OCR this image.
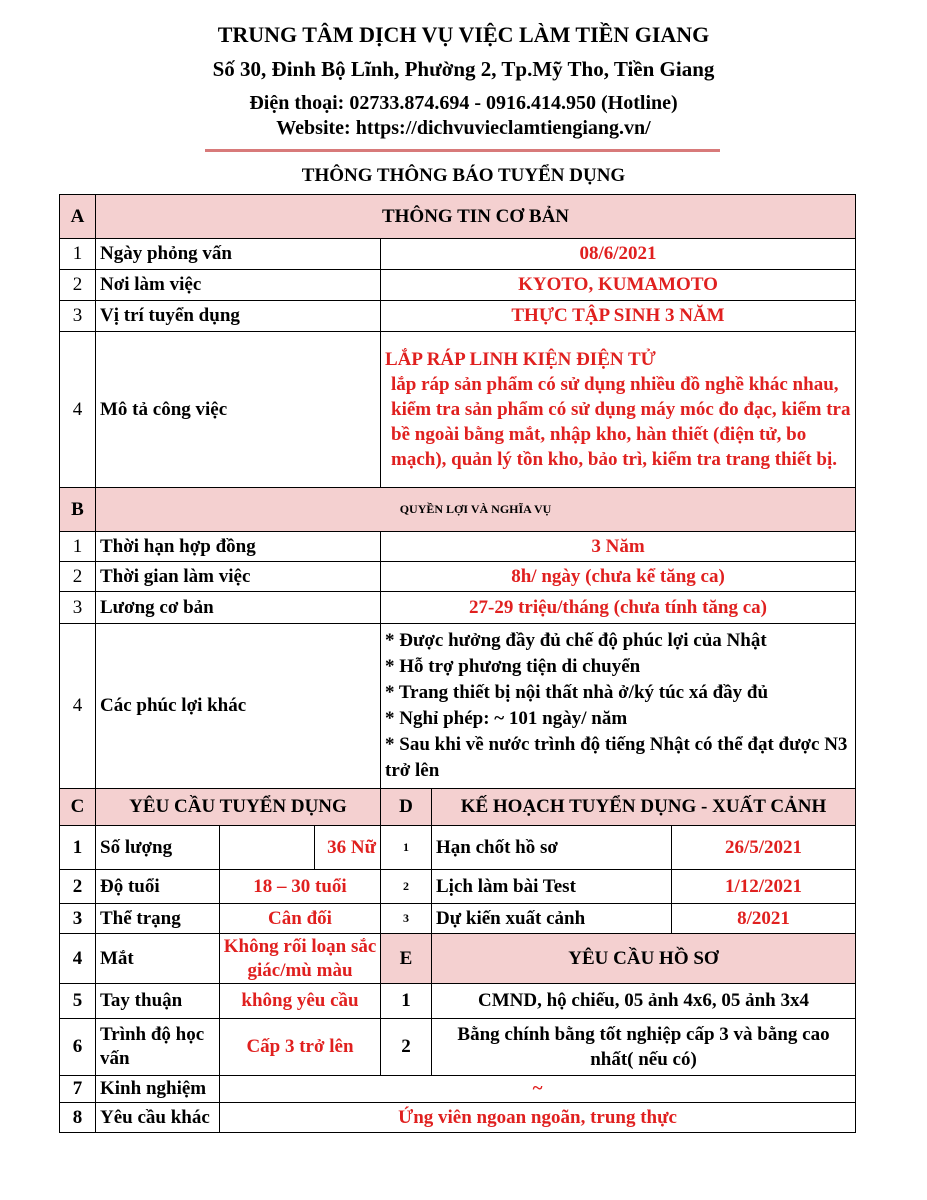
TRUNG TÂM DỊCH VỤ VIỆC LÀM TIỀN GIANG
Số 30, Đinh Bộ Lĩnh, Phường 2, Tp.Mỹ Tho, Tiền Giang
Điện thoại: 02733.874.694 - 0916.414.950 (Hotline)
Website: https://dichvuvieclamtiengiang.vn/
THÔNG THÔNG BÁO TUYỂN DỤNG
A	THÔNG TIN CƠ BẢN					
1	Ngày phỏng vấn			08/6/2021		
2	Nơi làm việc			KYOTO, KUMAMOTO		
3	Vị trí tuyển dụng			THỰC TẬP SINH 3 NĂM		
4	Mô tả công việc			LẮP RÁP LINH KIỆN ĐIỆN TỬ
lắp ráp sản phẩm có sử dụng nhiều đồ nghề khác nhau, kiểm tra sản phẩm có sử dụng máy móc đo đạc, kiểm tra bề ngoài bằng mắt, nhập kho, hàn thiết (điện tử, bo mạch), quản lý tồn kho, bảo trì, kiểm tra trang thiết bị.		

B	QUYỀN LỢI VÀ NGHĨA VỤ					
1	Thời hạn hợp đồng			3 Năm		
2	Thời gian làm việc			8h/ ngày (chưa kể tăng ca)		
3	Lương cơ bản			27-29 triệu/tháng (chưa tính tăng ca)		
4	Các phúc lợi khác			* Được hưởng đầy đủ chế độ phúc lợi của Nhật
* Hỗ trợ phương tiện di chuyển
* Trang thiết bị nội thất nhà ở/ký túc xá đầy đủ
* Nghỉ phép: ~ 101 ngày/ năm
* Sau khi về nước trình độ tiếng Nhật có thể đạt được N3 trở lên		

C	YÊU CẦU TUYỂN DỤNG			D	KẾ HOẠCH TUYỂN DỤNG - XUẤT CẢNH	
1	Số lượng		36 Nữ	1	Hạn chốt hồ sơ	26/5/2021
2	Độ tuổi	18 – 30 tuổi		2	Lịch làm bài Test	1/12/2021
3	Thể trạng	Cân đối		3	Dự kiến xuất cảnh	8/2021
4	Mắt	Không rối loạn sắc giác/mù màu		E	YÊU CẦU HỒ SƠ	
5	Tay thuận	không yêu cầu		1	CMND, hộ chiếu, 05 ảnh 4x6, 05 ảnh 3x4	
6	Trình độ học vấn	Cấp 3 trở lên		2	Bằng chính bằng tốt nghiệp cấp 3 và bằng cao nhất( nếu có)	
7	Kinh nghiệm	~				
8	Yêu cầu khác	Ứng viên ngoan ngoãn, trung thực				
